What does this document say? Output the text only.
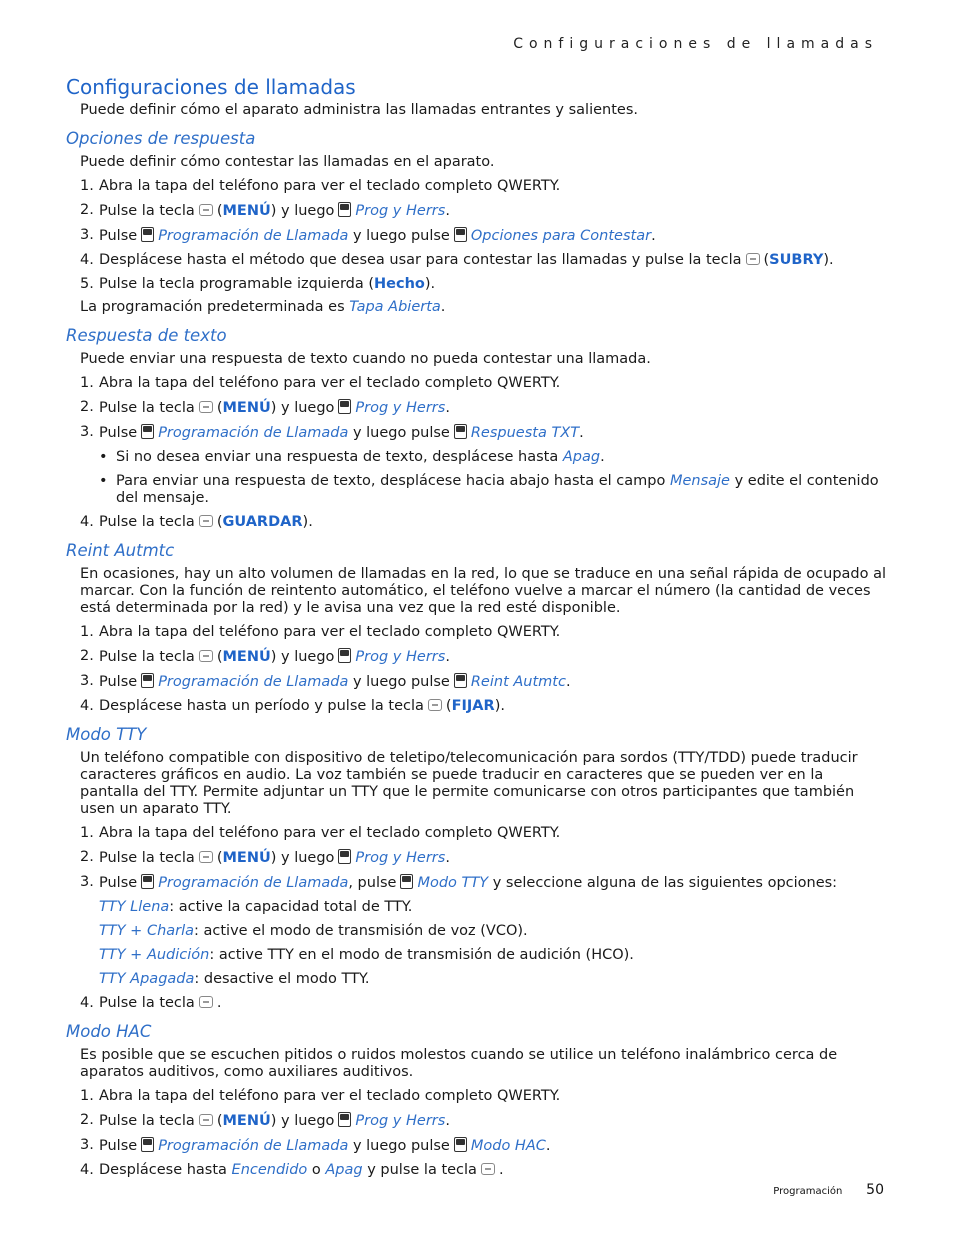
Configuraciones de llamadas
Configuraciones de llamadas
Puede definir cómo el aparato administra las llamadas entrantes y salientes.
Opciones de respuesta
Puede definir cómo contestar las llamadas en el aparato.
1. Abra la tapa del teléfono para ver el teclado completo QWERTY.
2. Pulse la tecla (MENÚ) y luego Prog y Herrs.
3. Pulse Programación de Llamada y luego pulse Opciones para Contestar.
4. Desplácese hasta el método que desea usar para contestar las llamadas y pulse la tecla (SUBRY).
5. Pulse la tecla programable izquierda (Hecho).
La programación predeterminada es Tapa Abierta.
Respuesta de texto
Puede enviar una respuesta de texto cuando no pueda contestar una llamada.
1. Abra la tapa del teléfono para ver el teclado completo QWERTY.
2. Pulse la tecla (MENÚ) y luego Prog y Herrs.
3. Pulse Programación de Llamada y luego pulse Respuesta TXT.
• Si no desea enviar una respuesta de texto, desplácese hasta Apag.
• Para enviar una respuesta de texto, desplácese hacia abajo hasta el campo Mensaje y edite el contenido del mensaje.
4. Pulse la tecla (GUARDAR).
Reint Autmtc
En ocasiones, hay un alto volumen de llamadas en la red, lo que se traduce en una señal rápida de ocupado al marcar. Con la función de reintento automático, el teléfono vuelve a marcar el número (la cantidad de veces está determinada por la red) y le avisa una vez que la red esté disponible.
1. Abra la tapa del teléfono para ver el teclado completo QWERTY.
2. Pulse la tecla (MENÚ) y luego Prog y Herrs.
3. Pulse Programación de Llamada y luego pulse Reint Autmtc.
4. Desplácese hasta un período y pulse la tecla (FIJAR).
Modo TTY
Un teléfono compatible con dispositivo de teletipo/telecomunicación para sordos (TTY/TDD) puede traducir caracteres gráficos en audio. La voz también se puede traducir en caracteres que se pueden ver en la pantalla del TTY. Permite adjuntar un TTY que le permite comunicarse con otros participantes que también usen un aparato TTY.
1. Abra la tapa del teléfono para ver el teclado completo QWERTY.
2. Pulse la tecla (MENÚ) y luego Prog y Herrs.
3. Pulse Programación de Llamada, pulse Modo TTY y seleccione alguna de las siguientes opciones:
TTY Llena: active la capacidad total de TTY.
TTY + Charla: active el modo de transmisión de voz (VCO).
TTY + Audición: active TTY en el modo de transmisión de audición (HCO).
TTY Apagada: desactive el modo TTY.
4. Pulse la tecla .
Modo HAC
Es posible que se escuchen pitidos o ruidos molestos cuando se utilice un teléfono inalámbrico cerca de aparatos auditivos, como auxiliares auditivos.
1. Abra la tapa del teléfono para ver el teclado completo QWERTY.
2. Pulse la tecla (MENÚ) y luego Prog y Herrs.
3. Pulse Programación de Llamada y luego pulse Modo HAC.
4. Desplácese hasta Encendido o Apag y pulse la tecla .
Programación 50
